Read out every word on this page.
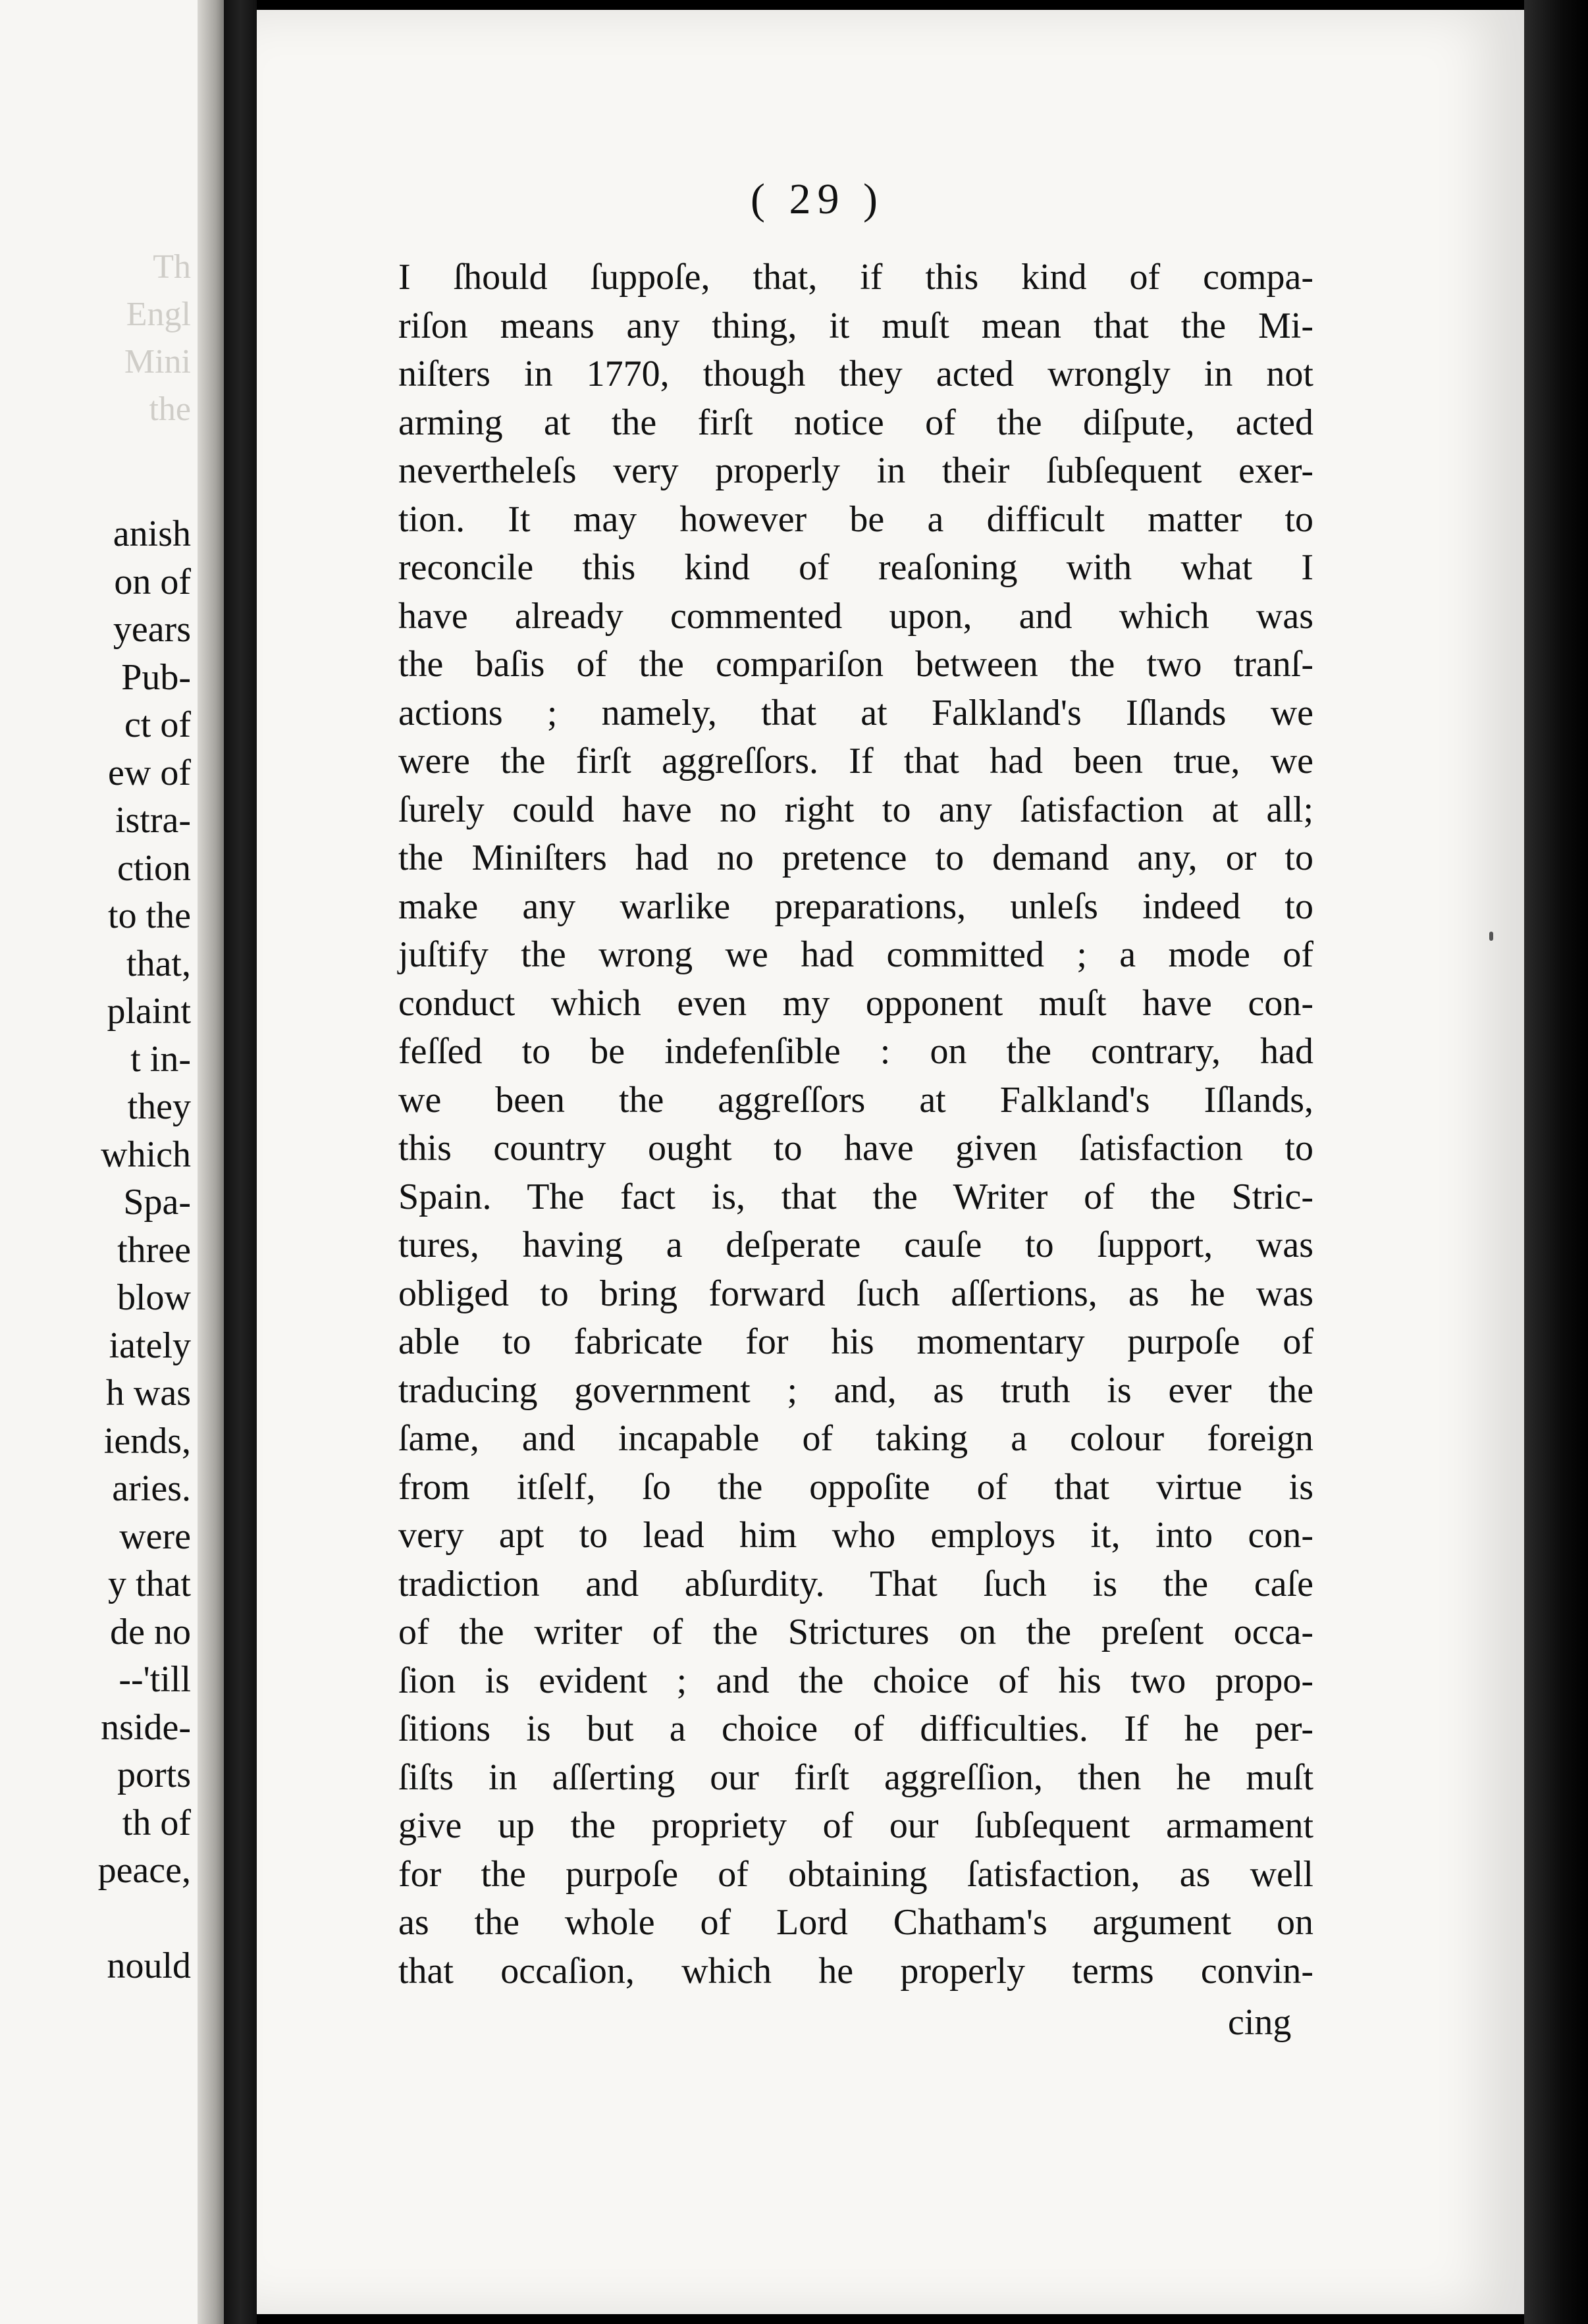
Th
Engl
Mini
the
anish
on of
years
Pub-
ct of
ew of
istra-
ction
to the
that,
plaint
t in-
they
which
Spa-
three
blow
iately
h was
iends,
aries.
were
y that
de no
--'till
nside-
ports
th of
peace,
nould
( 29 )
I ſhould ſuppoſe, that, if this kind of compa-
riſon means any thing, it muſt mean that the Mi-
niſters in 1770, though they acted wrongly in not
arming at the firſt notice of the diſpute, acted
nevertheleſs very properly in their ſubſequent exer-
tion. It may however be a difficult matter to
reconcile this kind of reaſoning with what I
have already commented upon, and which was
the baſis of the compariſon between the two tranſ-
actions ; namely, that at Falkland's Iſlands we
were the firſt aggreſſors. If that had been true, we
ſurely could have no right to any ſatisfaction at all;
the Miniſters had no pretence to demand any, or to
make any warlike preparations, unleſs indeed to
juſtify the wrong we had committed ; a mode of
conduct which even my opponent muſt have con-
feſſed to be indefenſible : on the contrary, had
we been the aggreſſors at Falkland's Iſlands,
this country ought to have given ſatisfaction to
Spain. The fact is, that the Writer of the Stric-
tures, having a deſperate cauſe to ſupport, was
obliged to bring forward ſuch aſſertions, as he was
able to fabricate for his momentary purpoſe of
traducing government ; and, as truth is ever the
ſame, and incapable of taking a colour foreign
from itſelf, ſo the oppoſite of that virtue is
very apt to lead him who employs it, into con-
tradiction and abſurdity. That ſuch is the caſe
of the writer of the Strictures on the preſent occa-
ſion is evident ; and the choice of his two propo-
ſitions is but a choice of difficulties. If he per-
ſiſts in aſſerting our firſt aggreſſion, then he muſt
give up the propriety of our ſubſequent armament
for the purpoſe of obtaining ſatisfaction, as well
as the whole of Lord Chatham's argument on
that occaſion, which he properly terms convin-
cing
